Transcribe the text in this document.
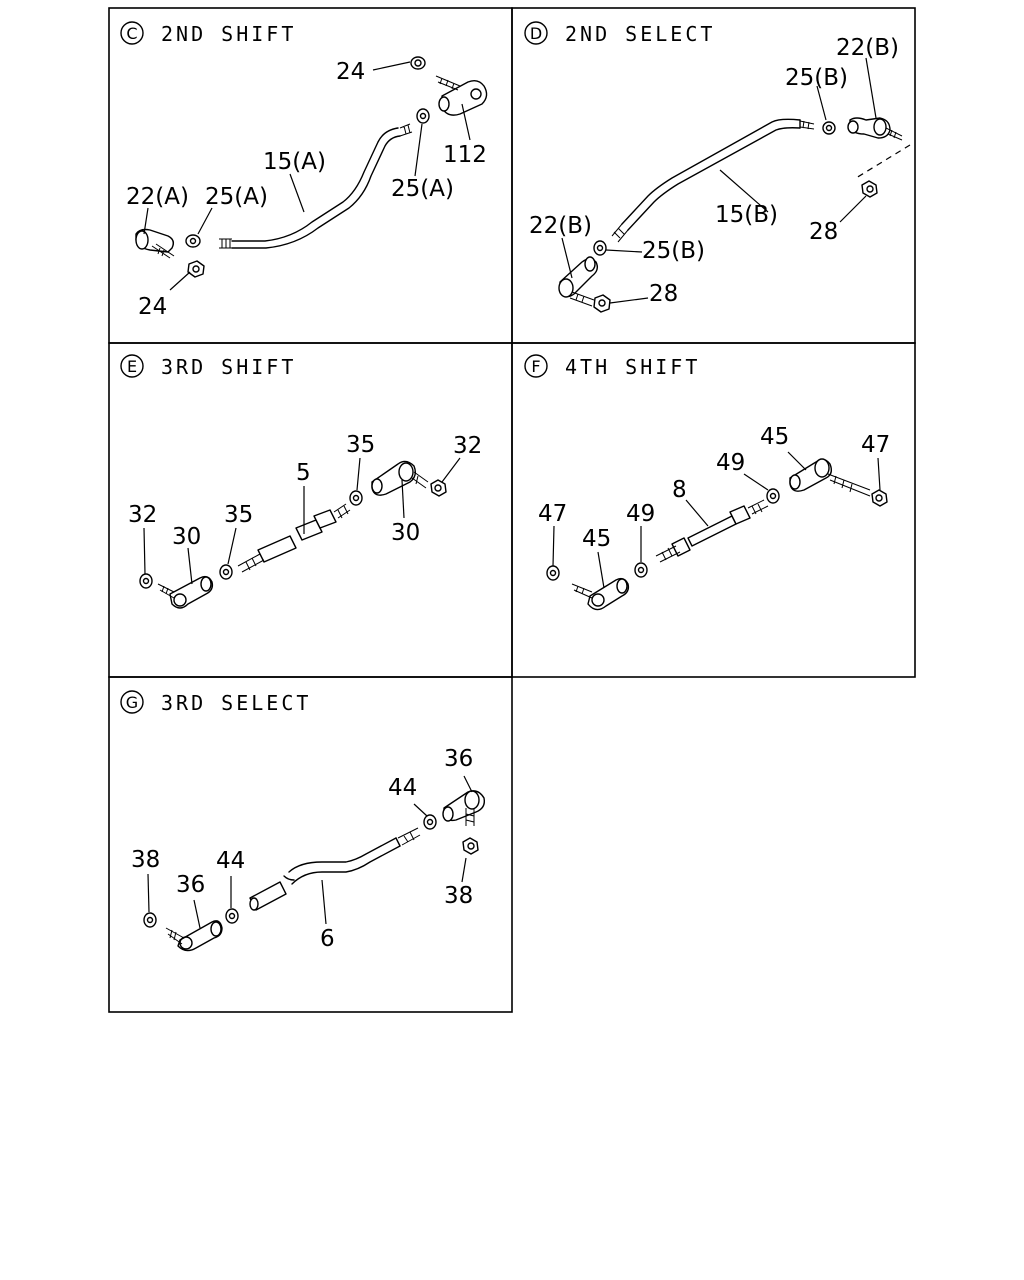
C 2ND SHIFT
24
112
15(A)
25(A)
22(A) 25(A)
24
D 2ND SELECT
22(B)
25(B)
15(B)
28
22(B)
25(B)
28
E 3RD SHIFT
35	32
5
32
30
35
30
F 4TH SHIFT
45	47
49
8
47	49
45
G 3RD SELECT
36
44
38
38
36
44
6
